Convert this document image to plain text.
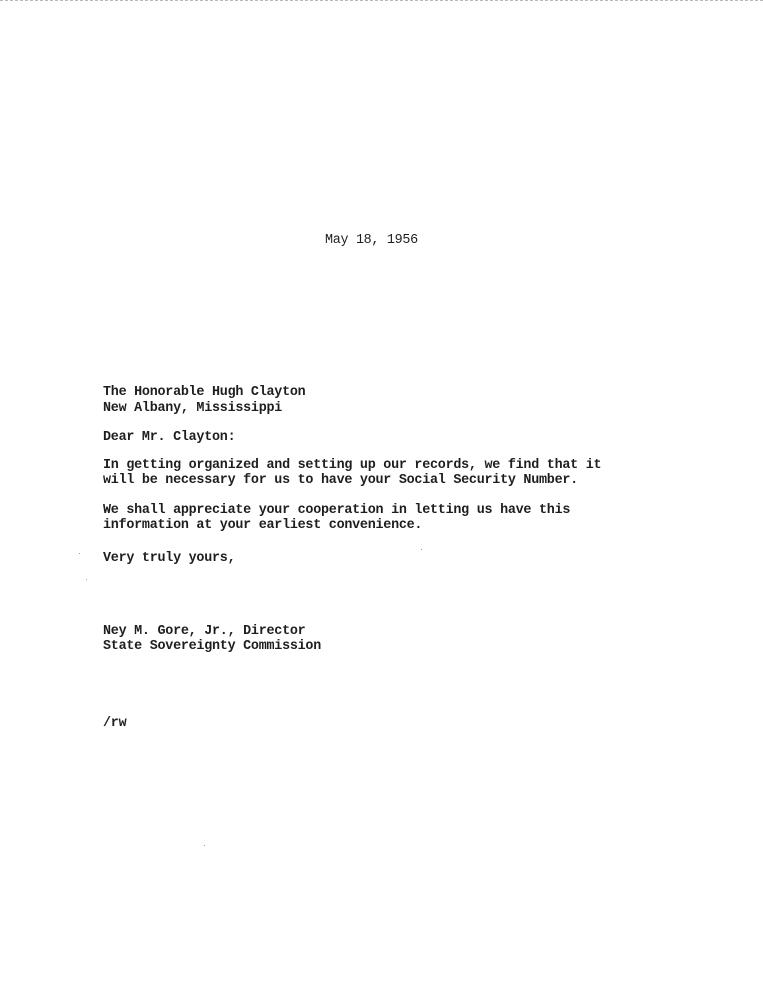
May 18, 1956
The Honorable Hugh Clayton
New Albany, Mississippi
Dear Mr. Clayton:
In getting organized and setting up our records, we find that it
will be necessary for us to have your Social Security Number.
We shall appreciate your cooperation in letting us have this
information at your earliest convenience.
Very truly yours,
Ney M. Gore, Jr., Director
State Sovereignty Commission
/rw
